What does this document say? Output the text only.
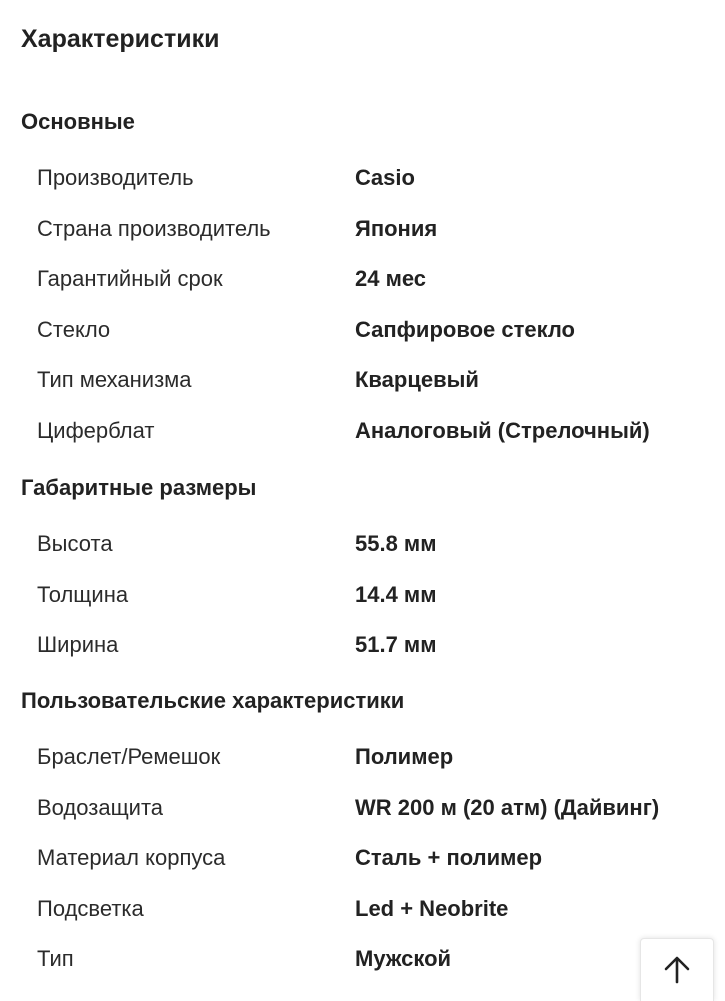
Характеристики
Основные
Производитель	Casio
Страна производитель	Япония
Гарантийный срок	24 мес
Стекло	Сапфировое стекло
Тип механизма	Кварцевый
Циферблат	Аналоговый (Стрелочный)
Габаритные размеры
Высота	55.8 мм
Толщина	14.4 мм
Ширина	51.7 мм
Пользовательские характеристики
Браслет/Ремешок	Полимер
Водозащита	WR 200 м (20 атм) (Дайвинг)
Материал корпуса	Сталь + полимер
Подсветка	Led + Neobrite
Тип	Мужской
